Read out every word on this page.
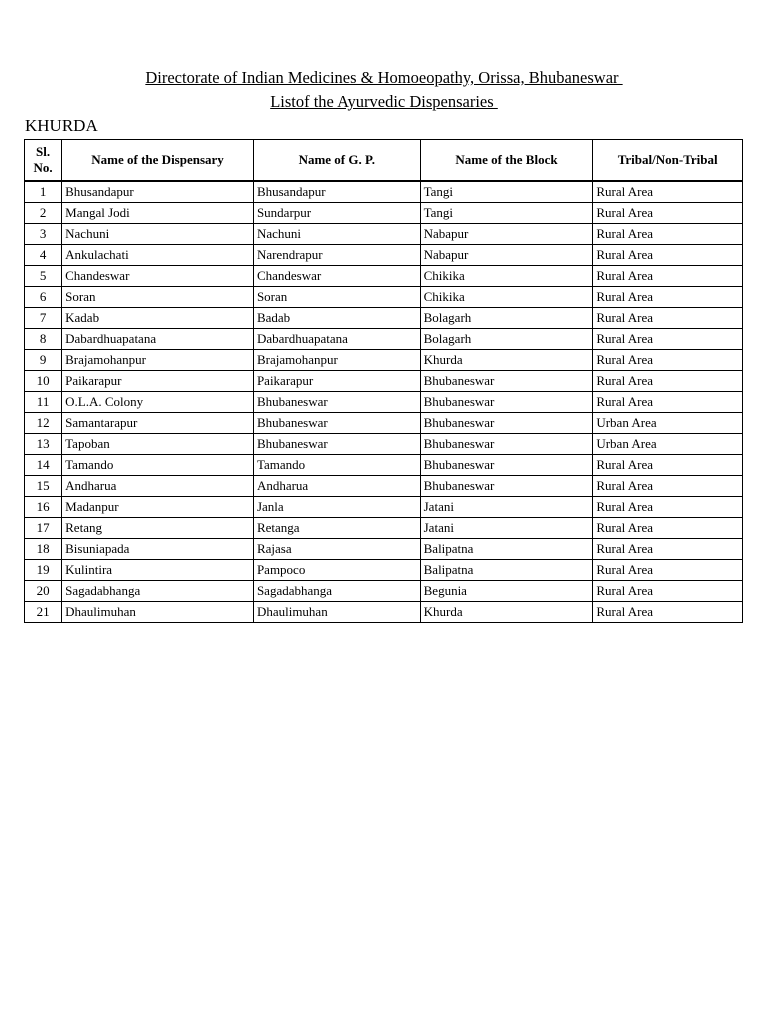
Directorate of Indian Medicines & Homoeopathy, Orissa, Bhubaneswar
Listof the Ayurvedic Dispensaries
KHURDA
Sl. No.	Name of the Dispensary	Name of G. P.	Name of the Block	Tribal/Non-Tribal
1	Bhusandapur	Bhusandapur	Tangi	Rural Area
2	Mangal Jodi	Sundarpur	Tangi	Rural Area
3	Nachuni	Nachuni	Nabapur	Rural Area
4	Ankulachati	Narendrapur	Nabapur	Rural Area
5	Chandeswar	Chandeswar	Chikika	Rural Area
6	Soran	Soran	Chikika	Rural Area
7	Kadab	Badab	Bolagarh	Rural Area
8	Dabardhuapatana	Dabardhuapatana	Bolagarh	Rural Area
9	Brajamohanpur	Brajamohanpur	Khurda	Rural Area
10	Paikarapur	Paikarapur	Bhubaneswar	Rural Area
11	O.L.A. Colony	Bhubaneswar	Bhubaneswar	Rural Area
12	Samantarapur	Bhubaneswar	Bhubaneswar	Urban Area
13	Tapoban	Bhubaneswar	Bhubaneswar	Urban Area
14	Tamando	Tamando	Bhubaneswar	Rural Area
15	Andharua	Andharua	Bhubaneswar	Rural Area
16	Madanpur	Janla	Jatani	Rural Area
17	Retang	Retanga	Jatani	Rural Area
18	Bisuniapada	Rajasa	Balipatna	Rural Area
19	Kulintira	Pampoco	Balipatna	Rural Area
20	Sagadabhanga	Sagadabhanga	Begunia	Rural Area
21	Dhaulimuhan	Dhaulimuhan	Khurda	Rural Area
